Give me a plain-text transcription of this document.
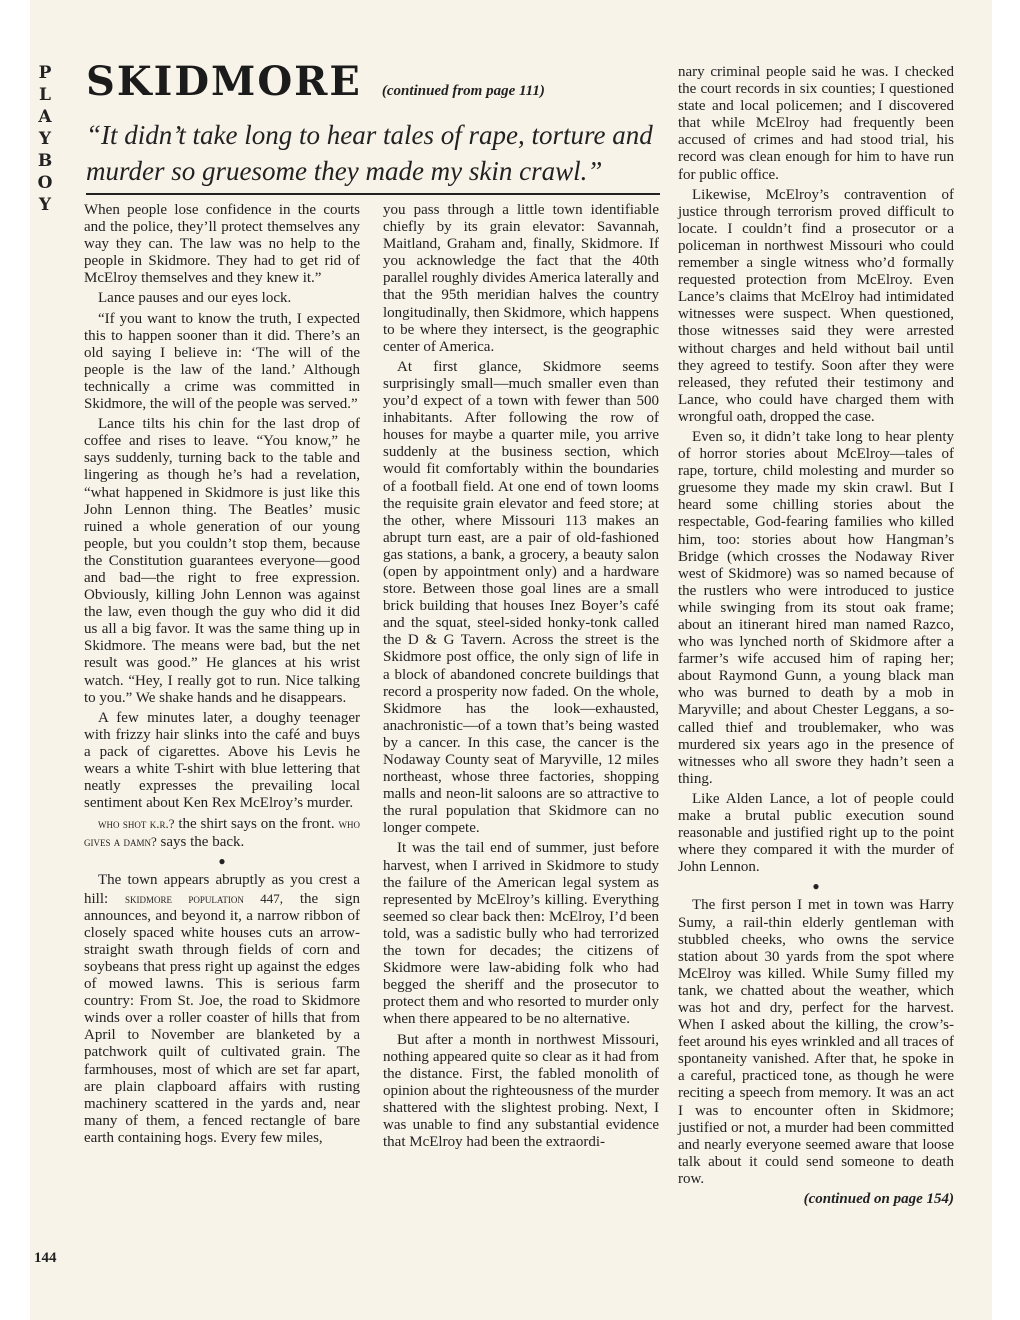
P
L
A
Y
B
O
Y
144
SKIDMORE (continued from page 111)
“It didn’t take long to hear tales of rape, torture and murder so gruesome they made my skin crawl.”

When people lose confidence in the courts and the police, they’ll protect themselves any way they can. The law was no help to the people in Skidmore. They had to get rid of McElroy themselves and they knew it.”

Lance pauses and our eyes lock.

“If you want to know the truth, I expected this to happen sooner than it did. There’s an old saying I believe in: ‘The will of the people is the law of the land.’ Although technically a crime was committed in Skidmore, the will of the people was served.”

Lance tilts his chin for the last drop of coffee and rises to leave. “You know,” he says suddenly, turning back to the table and lingering as though he’s had a revelation, “what happened in Skidmore is just like this John Lennon thing. The Beatles’ music ruined a whole generation of our young people, but you couldn’t stop them, because the Constitution guarantees everyone—good and bad—the right to free expression. Obviously, killing John Lennon was against the law, even though the guy who did it did us all a big favor. It was the same thing up in Skidmore. The means were bad, but the net result was good.” He glances at his wrist watch. “Hey, I really got to run. Nice talking to you.” We shake hands and he disappears.

A few minutes later, a doughy teenager with frizzy hair slinks into the café and buys a pack of cigarettes. Above his Levis he wears a white T-shirt with blue lettering that neatly expresses the prevailing local sentiment about Ken Rex McElroy’s murder.

who shot k.r.? the shirt says on the front. who gives a damn? says the back.

●

The town appears abruptly as you crest a hill: skidmore population 447, the sign announces, and beyond it, a narrow ribbon of closely spaced white houses cuts an arrow-straight swath through fields of corn and soybeans that press right up against the edges of mowed lawns. This is serious farm country: From St. Joe, the road to Skidmore winds over a roller coaster of hills that from April to November are blanketed by a patchwork quilt of cultivated grain. The farmhouses, most of which are set far apart, are plain clapboard affairs with rusting machinery scattered in the yards and, near many of them, a fenced rectangle of bare earth containing hogs. Every few miles,

you pass through a little town identifiable chiefly by its grain elevator: Savannah, Maitland, Graham and, finally, Skidmore. If you acknowledge the fact that the 40th parallel roughly divides America laterally and that the 95th meridian halves the country longitudinally, then Skidmore, which happens to be where they intersect, is the geographic center of America.

At first glance, Skidmore seems surprisingly small—much smaller even than you’d expect of a town with fewer than 500 inhabitants. After following the row of houses for maybe a quarter mile, you arrive suddenly at the business section, which would fit comfortably within the boundaries of a football field. At one end of town looms the requisite grain elevator and feed store; at the other, where Missouri 113 makes an abrupt turn east, are a pair of old-fashioned gas stations, a bank, a grocery, a beauty salon (open by appointment only) and a hardware store. Between those goal lines are a small brick building that houses Inez Boyer’s café and the squat, steel-sided honky-tonk called the D & G Tavern. Across the street is the Skidmore post office, the only sign of life in a block of abandoned concrete buildings that record a prosperity now faded. On the whole, Skidmore has the look—exhausted, anachronistic—of a town that’s being wasted by a cancer. In this case, the cancer is the Nodaway County seat of Maryville, 12 miles northeast, whose three factories, shopping malls and neon-lit saloons are so attractive to the rural population that Skidmore can no longer compete.

It was the tail end of summer, just before harvest, when I arrived in Skidmore to study the failure of the American legal system as represented by McElroy’s killing. Everything seemed so clear back then: McElroy, I’d been told, was a sadistic bully who had terrorized the town for decades; the citizens of Skidmore were law-abiding folk who had begged the sheriff and the prosecutor to protect them and who resorted to murder only when there appeared to be no alternative.

But after a month in northwest Missouri, nothing appeared quite so clear as it had from the distance. First, the fabled monolith of opinion about the righteousness of the murder shattered with the slightest probing. Next, I was unable to find any substantial evidence that McElroy had been the extraordi-

nary criminal people said he was. I checked the court records in six counties; I questioned state and local policemen; and I discovered that while McElroy had frequently been accused of crimes and had stood trial, his record was clean enough for him to have run for public office.

Likewise, McElroy’s contravention of justice through terrorism proved difficult to locate. I couldn’t find a prosecutor or a policeman in northwest Missouri who could remember a single witness who’d formally requested protection from McElroy. Even Lance’s claims that McElroy had intimidated witnesses were suspect. When questioned, those witnesses said they were arrested without charges and held without bail until they agreed to testify. Soon after they were released, they refuted their testimony and Lance, who could have charged them with wrongful oath, dropped the case.

Even so, it didn’t take long to hear plenty of horror stories about McElroy—tales of rape, torture, child molesting and murder so gruesome they made my skin crawl. But I heard some chilling stories about the respectable, God-fearing families who killed him, too: stories about how Hangman’s Bridge (which crosses the Nodaway River west of Skidmore) was so named because of the rustlers who were introduced to justice while swinging from its stout oak frame; about an itinerant hired man named Razco, who was lynched north of Skidmore after a farmer’s wife accused him of raping her; about Raymond Gunn, a young black man who was burned to death by a mob in Maryville; and about Chester Leggans, a so-called thief and troublemaker, who was murdered six years ago in the presence of witnesses who all swore they hadn’t seen a thing.

Like Alden Lance, a lot of people could make a brutal public execution sound reasonable and justified right up to the point where they compared it with the murder of John Lennon.

●

The first person I met in town was Harry Sumy, a rail-thin elderly gentleman with stubbled cheeks, who owns the service station about 30 yards from the spot where McElroy was killed. While Sumy filled my tank, we chatted about the weather, which was hot and dry, perfect for the harvest. When I asked about the killing, the crow’s-feet around his eyes wrinkled and all traces of spontaneity vanished. After that, he spoke in a careful, practiced tone, as though he were reciting a speech from memory. It was an act I was to encounter often in Skidmore; justified or not, a murder had been committed and nearly everyone seemed aware that loose talk about it could send someone to death row.

(continued on page 154)
